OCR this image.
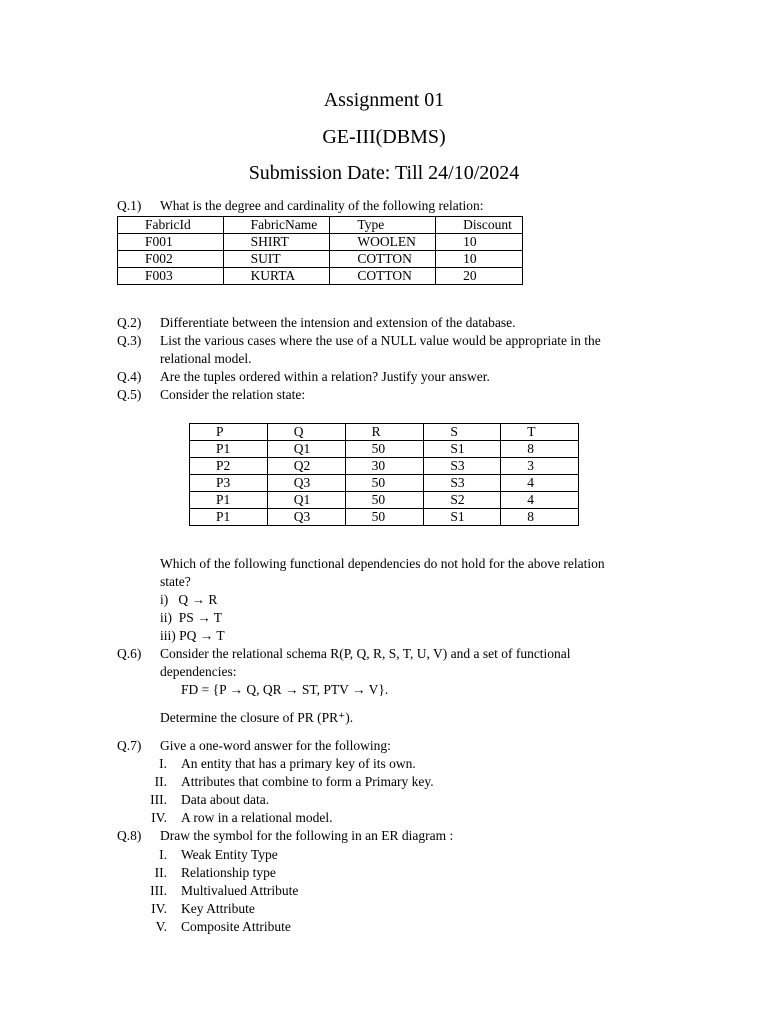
Assignment 01
GE-III(DBMS)
Submission Date: Till 24/10/2024
Q.1) What is the degree and cardinality of the following relation:
FabricId	FabricName	Type	Discount
F001	SHIRT	WOOLEN	10
F002	SUIT	COTTON	10
F003	KURTA	COTTON	20
Q.2) Differentiate between the intension and extension of the database.
Q.3) List the various cases where the use of a NULL value would be appropriate in the
relational model.
Q.4) Are the tuples ordered within a relation? Justify your answer.
Q.5) Consider the relation state:
P	Q	R	S	T
P1	Q1	50	S1	8
P2	Q2	30	S3	3
P3	Q3	50	S3	4
P1	Q1	50	S2	4
P1	Q3	50	S1	8
Which of the following functional dependencies do not hold for the above relation
state?
i)   Q → R
ii)  PS → T
iii) PQ → T
Q.6) Consider the relational schema R(P, Q, R, S, T, U, V) and a set of functional
dependencies:
FD = {P → Q, QR → ST, PTV → V}.
Determine the closure of PR (PR⁺).
Q.7) Give a one-word answer for the following:
I. An entity that has a primary key of its own.
II. Attributes that combine to form a Primary key.
III. Data about data.
IV. A row in a relational model.
Q.8) Draw the symbol for the following in an ER diagram :
I. Weak Entity Type
II. Relationship type
III. Multivalued Attribute
IV. Key Attribute
V. Composite Attribute
